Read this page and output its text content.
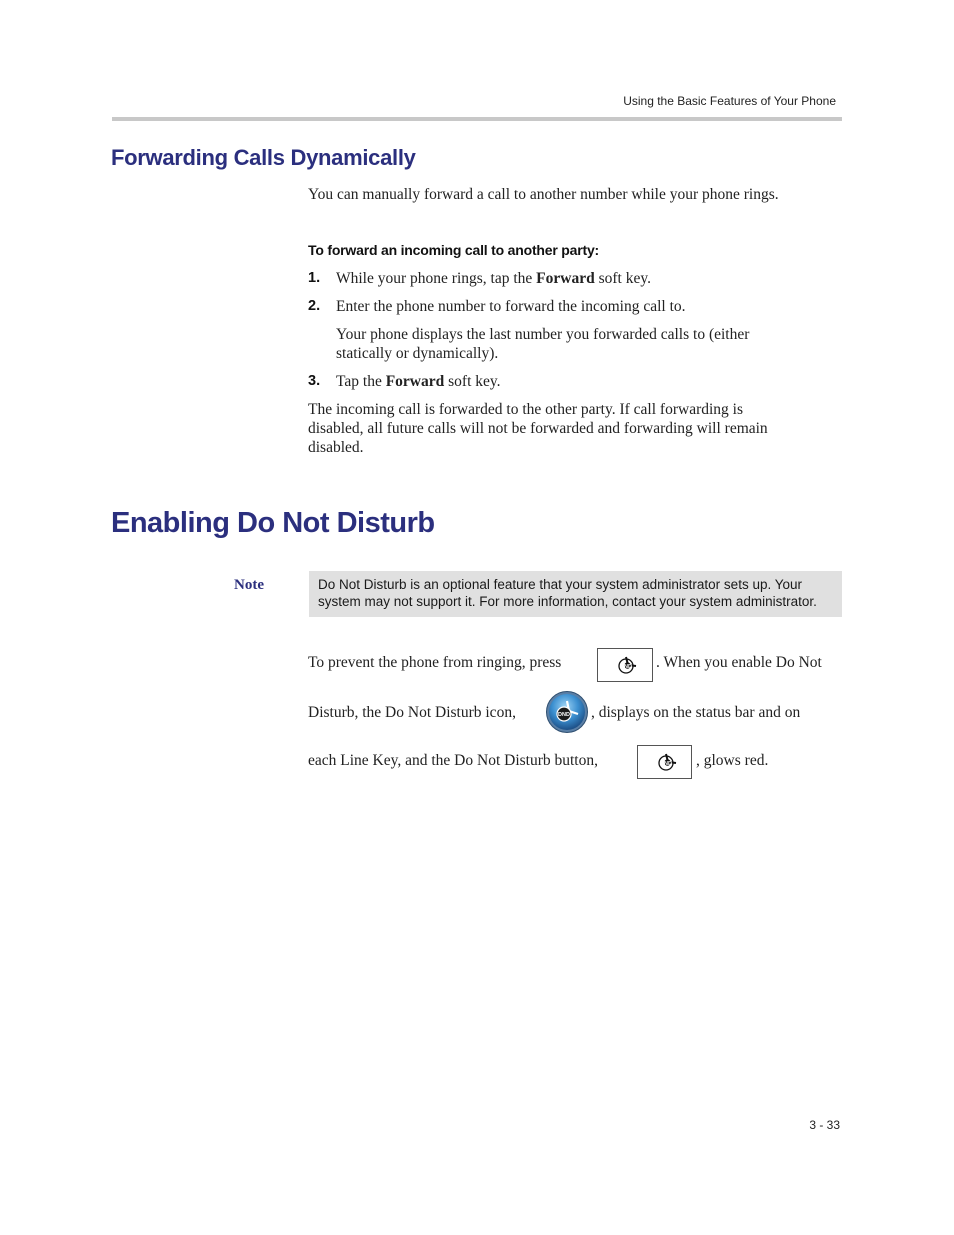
Using the Basic Features of Your Phone
Forwarding Calls Dynamically

You can manually forward a call to another number while your phone rings.

To forward an incoming call to another party:

1. While your phone rings, tap the Forward soft key.

2. Enter the phone number to forward the incoming call to.

Your phone displays the last number you forwarded calls to (either

statically or dynamically).

3. Tap the Forward soft key.

The incoming call is forwarded to the other party. If call forwarding is

disabled, all future calls will not be forwarded and forwarding will remain

disabled.

Enabling Do Not Disturb
Note	Do Not Disturb is an optional feature that your system administrator sets up. Your
system may not support it. For more information, contact your system administrator.

To prevent the phone from ringing, press	DND . When you enable Do Not

Disturb, the Do Not Disturb icon,	DND , displays on the status bar and on

each Line Key, and the Do Not Disturb button,	DND , glows red.

3 - 33
